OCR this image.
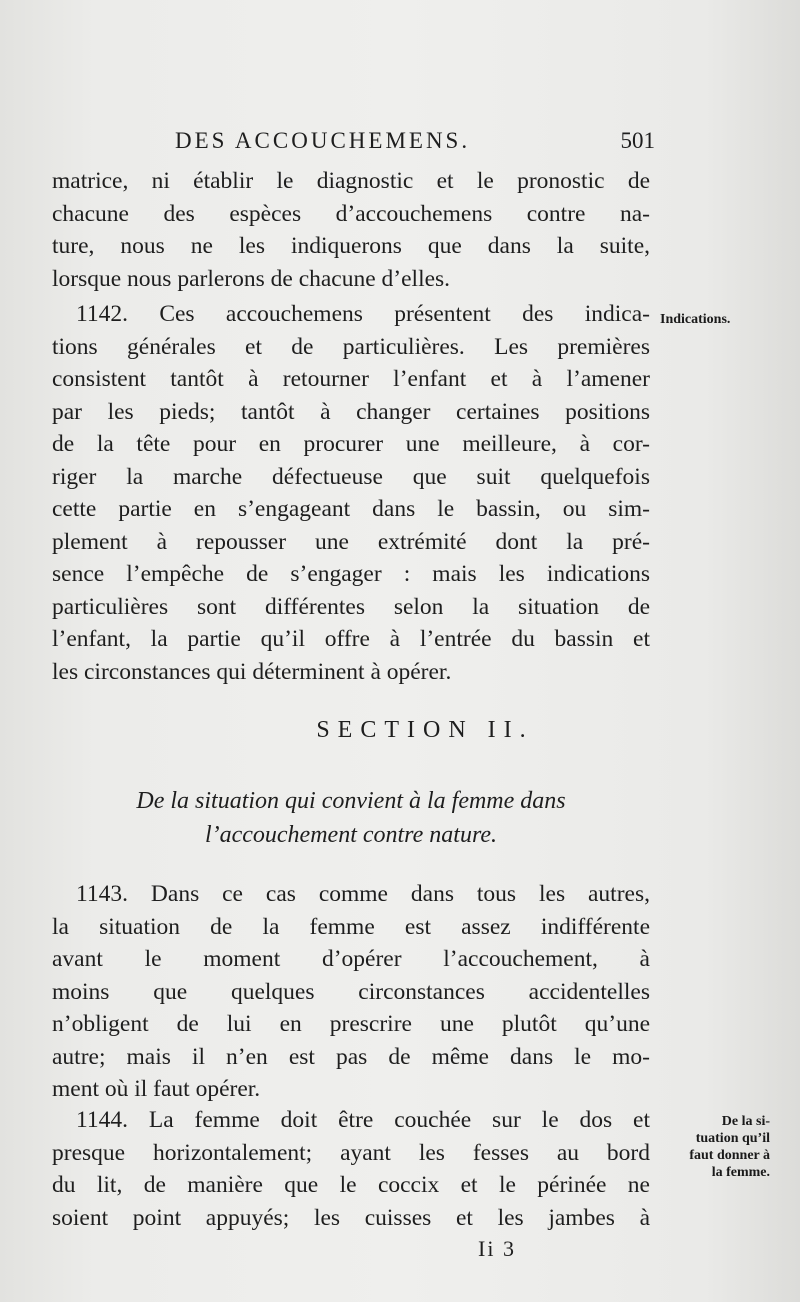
DES ACCOUCHEMENS.	501
matrice, ni établir le diagnostic et le pronostic de
chacune des espèces d’accouchemens contre na-
ture, nous ne les indiquerons que dans la suite,
lorsque nous parlerons de chacune d’elles.
1142. Ces accouchemens présentent des indica-
tions générales et de particulières. Les premières
consistent tantôt à retourner l’enfant et à l’amener
par les pieds; tantôt à changer certaines positions
de la tête pour en procurer une meilleure, à cor-
riger la marche défectueuse que suit quelquefois
cette partie en s’engageant dans le bassin, ou sim-
plement à repousser une extrémité dont la pré-
sence l’empêche de s’engager : mais les indications
particulières sont différentes selon la situation de
l’enfant, la partie qu’il offre à l’entrée du bassin et
les circonstances qui déterminent à opérer.
Indications.
SECTION II.
De la situation qui convient à la femme dans
l’accouchement contre nature.
1143. Dans ce cas comme dans tous les autres,
la situation de la femme est assez indifférente
avant le moment d’opérer l’accouchement, à
moins que quelques circonstances accidentelles
n’obligent de lui en prescrire une plutôt qu’une
autre; mais il n’en est pas de même dans le mo-
ment où il faut opérer.
1144. La femme doit être couchée sur le dos et
presque horizontalement; ayant les fesses au bord
du lit, de manière que le coccix et le périnée ne
soient point appuyés; les cuisses et les jambes à
De la si-
tuation qu’il
faut donner à
la femme.
Ii 3
